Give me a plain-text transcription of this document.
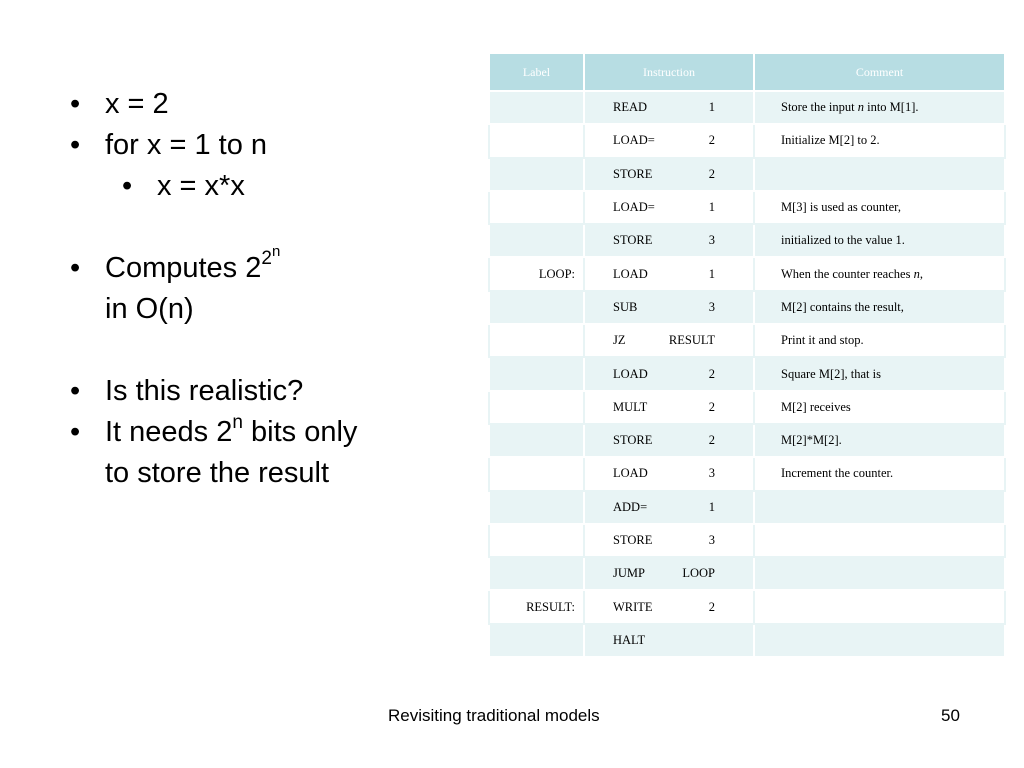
• x = 2
• for x = 1 to n
• x = x*x
• Computes $2^{2^n}$
in O(n)
• Is this realistic?
• It needs 2$^n$ bits only
to store the result
Label	Instruction	Comment

	READ 1	Store the input n into M[1].

	LOAD= 2	Initialize M[2] to 2.

	STORE 2	

	LOAD= 1	M[3] is used as counter,

	STORE 3	initialized to the value 1.
LOOP:	LOAD 1	When the counter reaches n,

	SUB 3	M[2] contains the result,

	JZ RESULT	Print it and stop.

	LOAD 2	Square M[2], that is

	MULT 2	M[2] receives

	STORE 2	M[2]*M[2].

	LOAD 3	Increment the counter.

	ADD= 1	

	STORE 3	

	JUMP LOOP	

RESULT:	WRITE 2	

	HALT	

Revisiting traditional models	50
